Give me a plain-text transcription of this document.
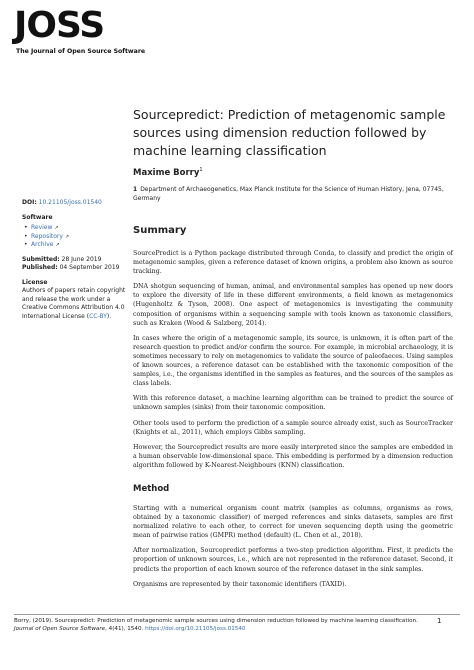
JOSS
The Journal of Open Source Software
Sourcepredict: Prediction of metagenomic sample sources using dimension reduction followed by machine learning classification
Maxime Borry$^1$
1 Department of Archaeogenetics, Max Planck Institute for the Science of Human History, Jena, 07745, Germany
DOI: 10.21105/joss.01540
Software
• Review ↗
• Repository ↗
• Archive ↗
Submitted: 28 June 2019
Published: 04 September 2019
License
Authors of papers retain copyright and release the work under a Creative Commons Attribution 4.0 International License (CC-BY).
Summary

SourcePredict is a Python package distributed through Conda, to classify and predict the origin of metagenomic samples, given a reference dataset of known origins, a problem also known as source tracking.

DNA shotgun sequencing of human, animal, and environmental samples has opened up new doors to explore the diversity of life in these different environments, a field known as metagenomics (Hugenholtz & Tyson, 2008). One aspect of metagenomics is investigating the community composition of organisms within a sequencing sample with tools known as taxonomic classifiers, such as Kraken (Wood & Salzberg, 2014).

In cases where the origin of a metagenomic sample, its source, is unknown, it is often part of the research question to predict and/or confirm the source. For example, in microbial archaeology, it is sometimes necessary to rely on metagenomics to validate the source of paleofaeces. Using samples of known sources, a reference dataset can be established with the taxonomic composition of the samples, i.e., the organisms identified in the samples as features, and the sources of the samples as class labels.

With this reference dataset, a machine learning algorithm can be trained to predict the source of unknown samples (sinks) from their taxonomic composition.

Other tools used to perform the prediction of a sample source already exist, such as SourceTracker (Knights et al., 2011), which employs Gibbs sampling.

However, the Sourcepredict results are more easily interpreted since the samples are embedded in a human observable low-dimensional space. This embedding is performed by a dimension reduction algorithm followed by K-Nearest-Neighbours (KNN) classification.

Method

Starting with a numerical organism count matrix (samples as columns, organisms as rows, obtained by a taxonomic classifier) of merged references and sinks datasets, samples are first normalized relative to each other, to correct for uneven sequencing depth using the geometric mean of pairwise ratios (GMPR) method (default) (L. Chen et al., 2018).

After normalization, Sourcepredict performs a two-step prediction algorithm. First, it predicts the proportion of unknown sources, i.e., which are not represented in the reference dataset. Second, it predicts the proportion of each known source of the reference dataset in the sink samples.

Organisms are represented by their taxonomic identifiers (TAXID).

Borry, (2019). Sourcepredict: Prediction of metagenomic sample sources using dimension reduction followed by machine learning classification. Journal of Open Source Software, 4(41), 1540. https://doi.org/10.21105/joss.01540
1
